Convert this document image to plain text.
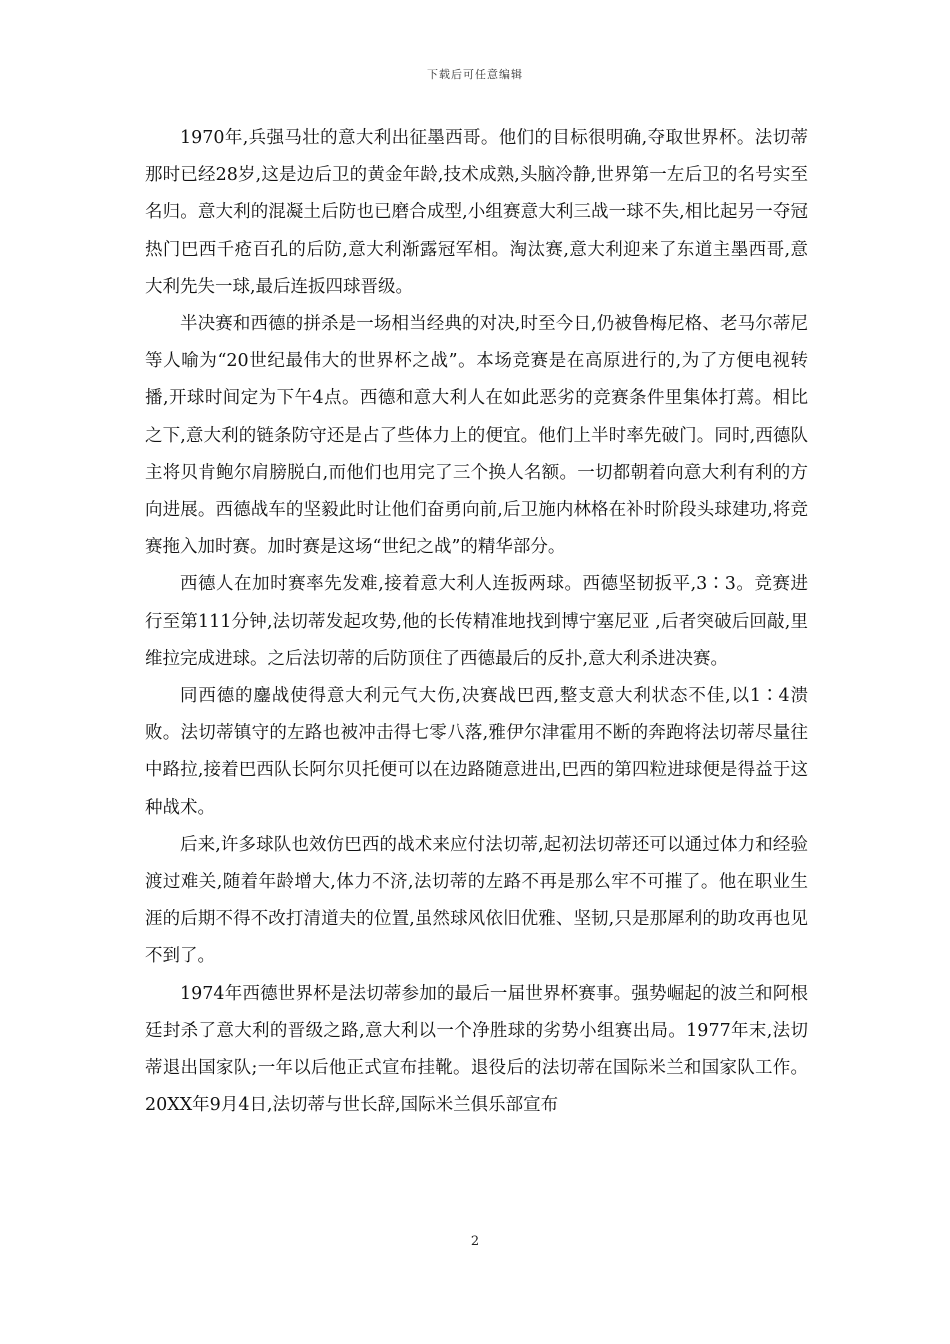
下载后可任意编辑

1970年,兵强马壮的意大利出征墨西哥。他们的目标很明确,夺取世界杯。法切蒂那时已经28岁,这是边后卫的黄金年龄,技术成熟,头脑冷静,世界第一左后卫的名号实至名归。意大利的混凝土后防也已磨合成型,小组赛意大利三战一球不失,相比起另一夺冠热门巴西千疮百孔的后防,意大利渐露冠军相。淘汰赛,意大利迎来了东道主墨西哥,意大利先失一球,最后连扳四球晋级。

半决赛和西德的拼杀是一场相当经典的对决,时至今日,仍被鲁梅尼格、老马尔蒂尼等人喻为“20世纪最伟大的世界杯之战”。本场竞赛是在高原进行的,为了方便电视转播,开球时间定为下午4点。西德和意大利人在如此恶劣的竞赛条件里集体打蔫。相比之下,意大利的链条防守还是占了些体力上的便宜。他们上半时率先破门。同时,西德队主将贝肯鲍尔肩膀脱白,而他们也用完了三个换人名额。一切都朝着向意大利有利的方向进展。西德战车的坚毅此时让他们奋勇向前,后卫施内林格在补时阶段头球建功,将竞赛拖入加时赛。加时赛是这场“世纪之战”的精华部分。

西德人在加时赛率先发难,接着意大利人连扳两球。西德坚韧扳平,3∶3。竞赛进行至第111分钟,法切蒂发起攻势,他的长传精准地找到博宁塞尼亚 ,后者突破后回敲,里维拉完成进球。之后法切蒂的后防顶住了西德最后的反扑,意大利杀进决赛。

同西德的鏖战使得意大利元气大伤,决赛战巴西,整支意大利状态不佳,以1∶4溃败。法切蒂镇守的左路也被冲击得七零八落,雅伊尔津霍用不断的奔跑将法切蒂尽量往中路拉,接着巴西队长阿尔贝托便可以在边路随意进出,巴西的第四粒进球便是得益于这种战术。

后来,许多球队也效仿巴西的战术来应付法切蒂,起初法切蒂还可以通过体力和经验渡过难关,随着年龄增大,体力不济,法切蒂的左路不再是那么牢不可摧了。他在职业生涯的后期不得不改打清道夫的位置,虽然球风依旧优雅、坚韧,只是那犀利的助攻再也见不到了。

1974年西德世界杯是法切蒂参加的最后一届世界杯赛事。强势崛起的波兰和阿根廷封杀了意大利的晋级之路,意大利以一个净胜球的劣势小组赛出局。1977年末,法切蒂退出国家队;一年以后他正式宣布挂靴。退役后的法切蒂在国际米兰和国家队工作。20XX年9月4日,法切蒂与世长辞,国际米兰俱乐部宣布

2
